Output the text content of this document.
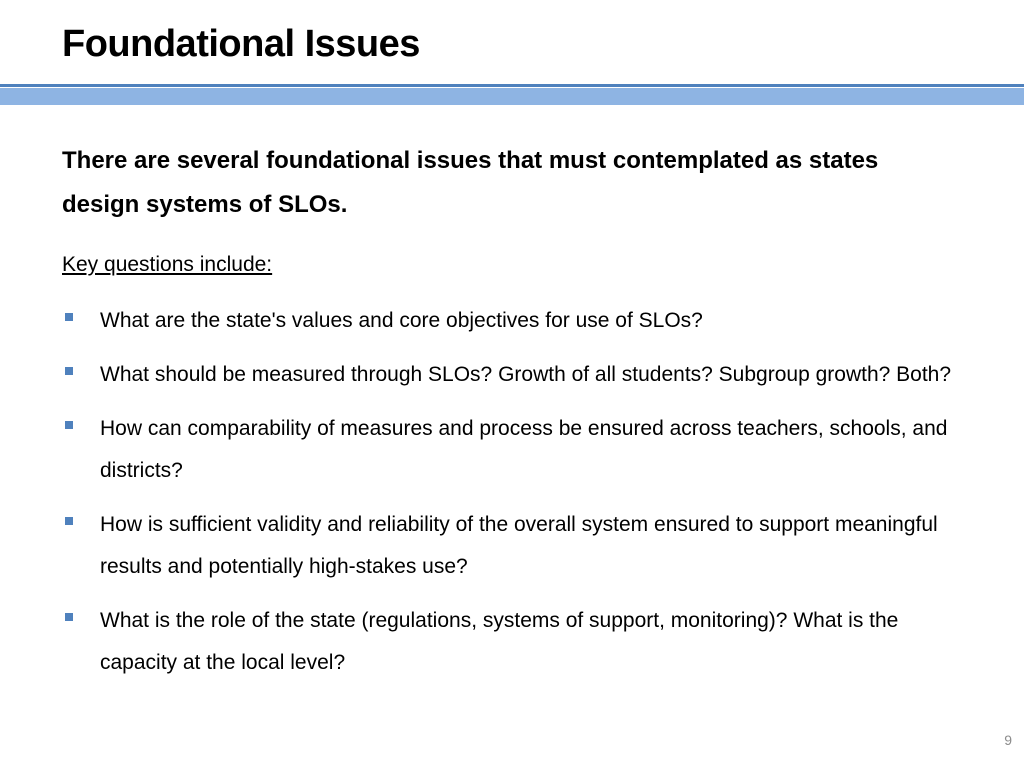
Foundational Issues

There are several foundational issues that must contemplated as states design systems of SLOs.

Key questions include:

What are the state's values and core objectives for use of SLOs?
What should be measured through SLOs? Growth of all students? Subgroup growth? Both?
How can comparability of measures and process be ensured across teachers, schools, and districts?
How is sufficient validity and reliability of the overall system ensured to support meaningful results and potentially high-stakes use?
What is the role of the state (regulations, systems of support, monitoring)? What is the capacity at the local level?
9
